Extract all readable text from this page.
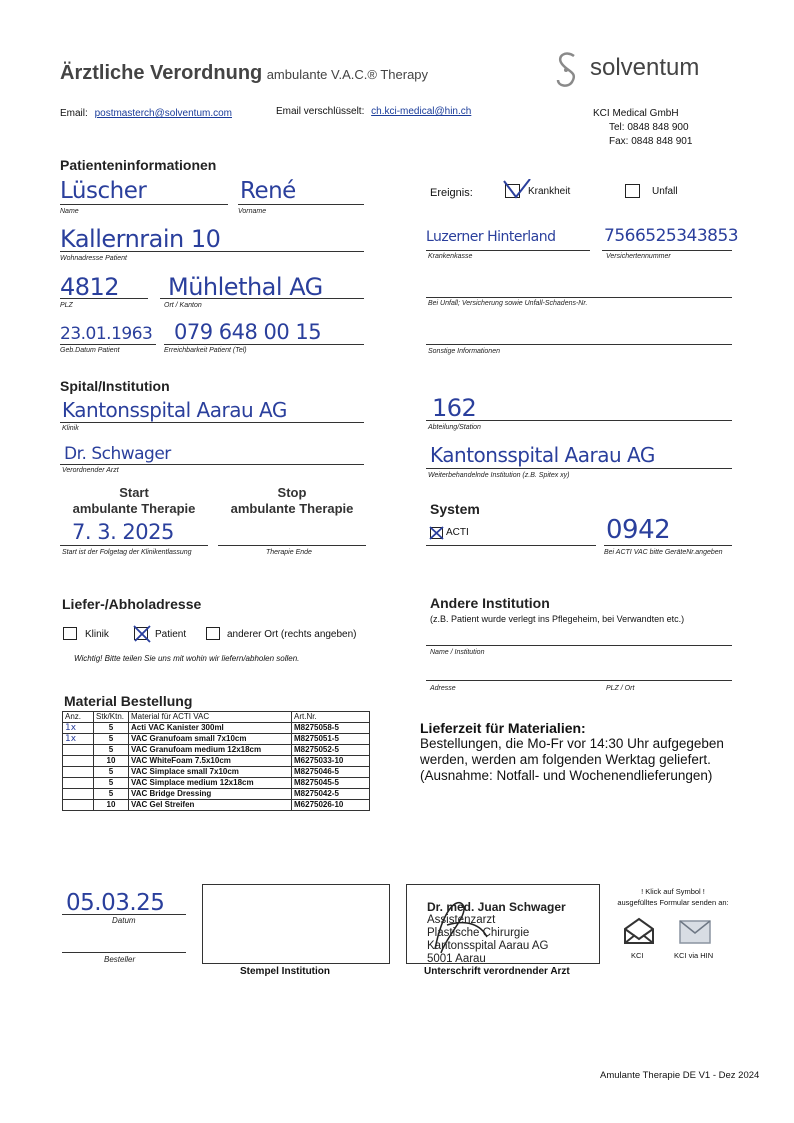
Ärztliche Verordnung ambulante V.A.C.® Therapy	solventum
Email: postmasterch@solventum.com	Email verschlüsselt: ch.kci-medical@hin.ch	KCI Medical GmbH
Tel: 0848 848 900
Fax: 0848 848 901
Patienteninformationen
Lüscher
Name
René
Vorname
Kallernrain 10
Wohnadresse Patient
4812
PLZ
Mühlethal AG
Ort / Kanton
23.01.1963
Geb.Datum Patient
079 648 00 15
Erreichbarkeit Patient (Tel)
Ereignis:	Krankheit	Unfall
Luzerner Hinterland
Krankenkasse
7566525343853
Versichertennummer
Bei Unfall; Versicherung sowie Unfall-Schadens-Nr.
Sonstige Informationen
Spital/Institution
Kantonsspital Aarau AG
Klinik
Dr. Schwager
Verordnender Arzt
162
Abteilung/Station
Kantonsspital Aarau AG
Weiterbehandelnde Institution (z.B. Spitex xy)
Start
ambulante Therapie
Stop
ambulante Therapie
7. 3. 2025
Start ist der Folgetag der Klinikentlassung	Therapie Ende
System
ACTI	0942
Bei ACTI VAC bitte GeräteNr.angeben
Liefer-/Abholadresse
Klinik	Patient	anderer Ort (rechts angeben)
Wichtig! Bitte teilen Sie uns mit wohin wir liefern/abholen sollen.
Andere Institution
(z.B. Patient wurde verlegt ins Pflegeheim, bei Verwandten etc.)
Name / Institution
Adresse	PLZ / Ort
Material Bestellung
Anz.	Stk/Ktn.	Material für ACTI VAC	Art.Nr.
1x	5	Acti VAC Kanister 300ml	M8275058-5
1x	5	VAC Granufoam small 7x10cm	M8275051-5
	5	VAC Granufoam medium 12x18cm	M8275052-5
	10	VAC WhiteFoam 7.5x10cm	M6275033-10
	5	VAC Simplace small 7x10cm	M8275046-5
	5	VAC Simplace medium 12x18cm	M8275045-5
	5	VAC Bridge Dressing	M8275042-5
	10	VAC Gel Streifen	M6275026-10
Lieferzeit für Materialien:
Bestellungen, die Mo-Fr vor 14:30 Uhr aufgegeben
werden, werden am folgenden Werktag geliefert.
(Ausnahme: Notfall- und Wochenendlieferungen)
05.03.25
Datum
Besteller
Stempel Institution
Dr. med. Juan Schwager
Assistenzarzt
Plastische Chirurgie
Kantonsspital Aarau AG
5001 Aarau
Unterschrift verordnender Arzt
! Klick auf Symbol !
ausgefülltes Formular senden an:
KCI	KCI via HIN
Amulante Therapie DE V1 - Dez 2024
